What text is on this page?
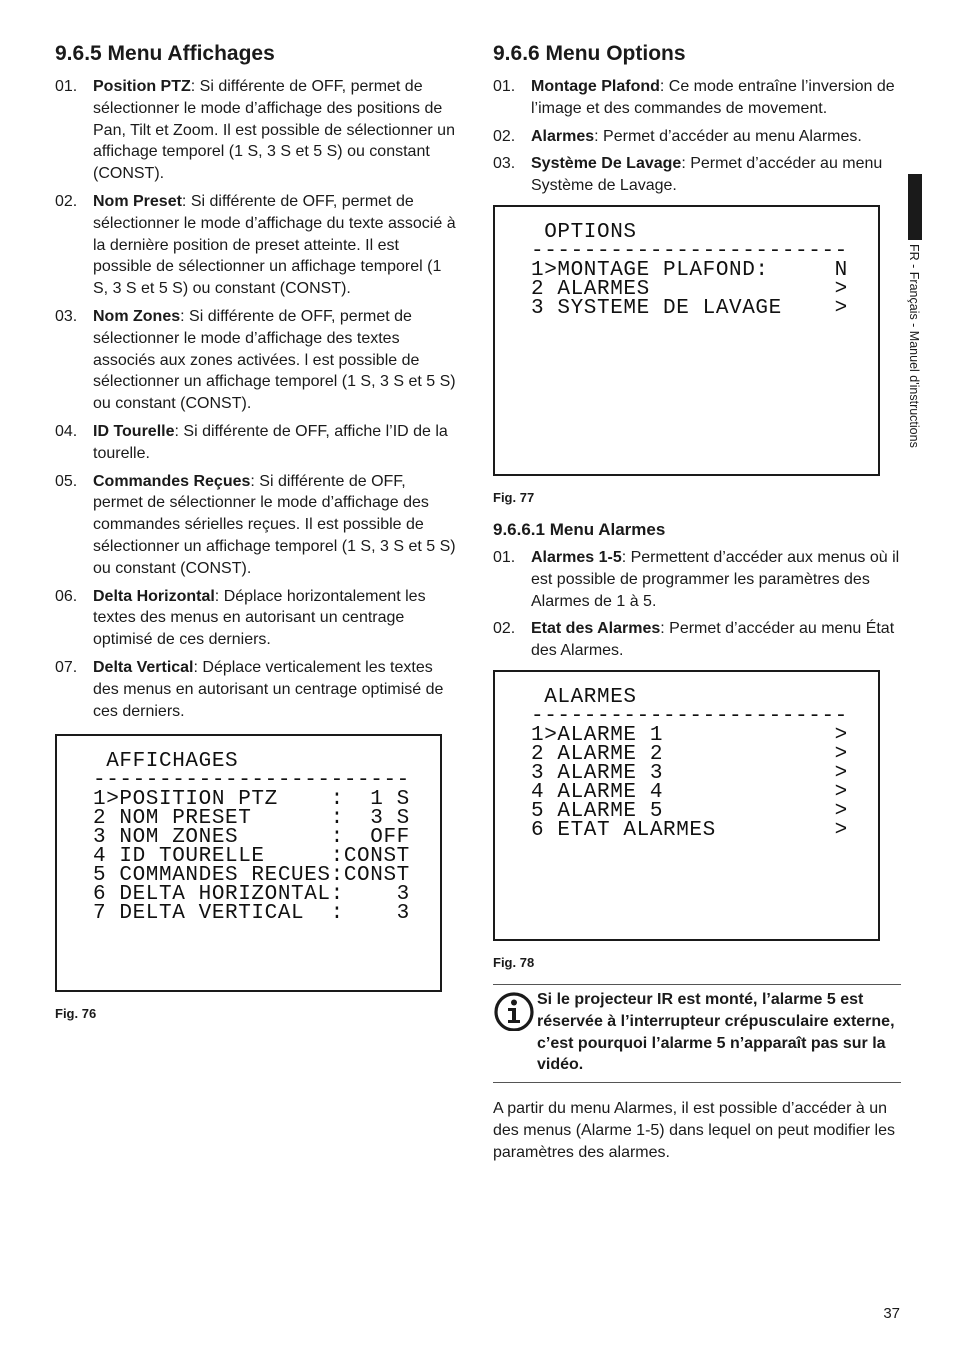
9.6.5 Menu Affichages
01. Position PTZ: Si différente de OFF, permet de sélectionner le mode d’affichage des positions de Pan, Tilt et Zoom. Il est possible de sélectionner un affichage temporel (1 S, 3 S et 5 S) ou constant (CONST).
02. Nom Preset: Si différente de OFF, permet de sélectionner le mode d’affichage du texte associé à la dernière position de preset atteinte. Il est possible de sélectionner un affichage temporel (1 S, 3 S et 5 S) ou constant (CONST).
03. Nom Zones: Si différente de OFF, permet de sélectionner le mode d’affichage des textes associés aux zones activées. l est possible de sélectionner un affichage temporel (1 S, 3 S et 5 S) ou constant (CONST).
04. ID Tourelle: Si différente de OFF, affiche l’ID de la tourelle.
05. Commandes Reçues: Si différente de OFF, permet de sélectionner le mode d’affichage des commandes sérielles reçues. Il est possible de sélectionner un affichage temporel (1 S, 3 S et 5 S) ou constant (CONST).
06. Delta Horizontal: Déplace horizontalement les textes des menus en autorisant un centrage optimisé de ces derniers.
07. Delta Vertical: Déplace verticalement les textes des menus en autorisant un centrage optimisé de ces derniers.
AFFICHAGES
------------------------
1>POSITION PTZ    :  1 S
2 NOM PRESET      :  3 S
3 NOM ZONES       :  OFF
4 ID TOURELLE     :CONST
5 COMMANDES RECUES:CONST
6 DELTA HORIZONTAL:    3
7 DELTA VERTICAL  :    3
Fig. 76
9.6.6 Menu Options
01. Montage Plafond: Ce mode entraîne l’inversion de l’image et des commandes de movement.
02. Alarmes: Permet d’accéder au menu Alarmes.
03. Système De Lavage: Permet d’accéder au menu Système de Lavage.
OPTIONS
------------------------
1>MONTAGE PLAFOND:     N
2 ALARMES              >
3 SYSTEME DE LAVAGE    >
Fig. 77
9.6.6.1 Menu Alarmes
01. Alarmes 1-5: Permettent d’accéder aux menus où il est possible de programmer les paramètres des Alarmes de 1 à 5.
02. Etat des Alarmes: Permet d’accéder au menu État des Alarmes.
ALARMES
------------------------
1>ALARME 1             >
2 ALARME 2             >
3 ALARME 3             >
4 ALARME 4             >
5 ALARME 5             >
6 ETAT ALARMES         >
Fig. 78
Si le projecteur IR est monté, l’alarme 5 est réservée à l’interrupteur crépusculaire externe, c’est pourquoi l’alarme 5 n’apparaît pas sur la vidéo.
A partir du menu Alarmes, il est possible d’accéder à un des menus (Alarme 1-5) dans lequel on peut modifier les paramètres des alarmes.
FR - Français - Manuel d'instructions
37
